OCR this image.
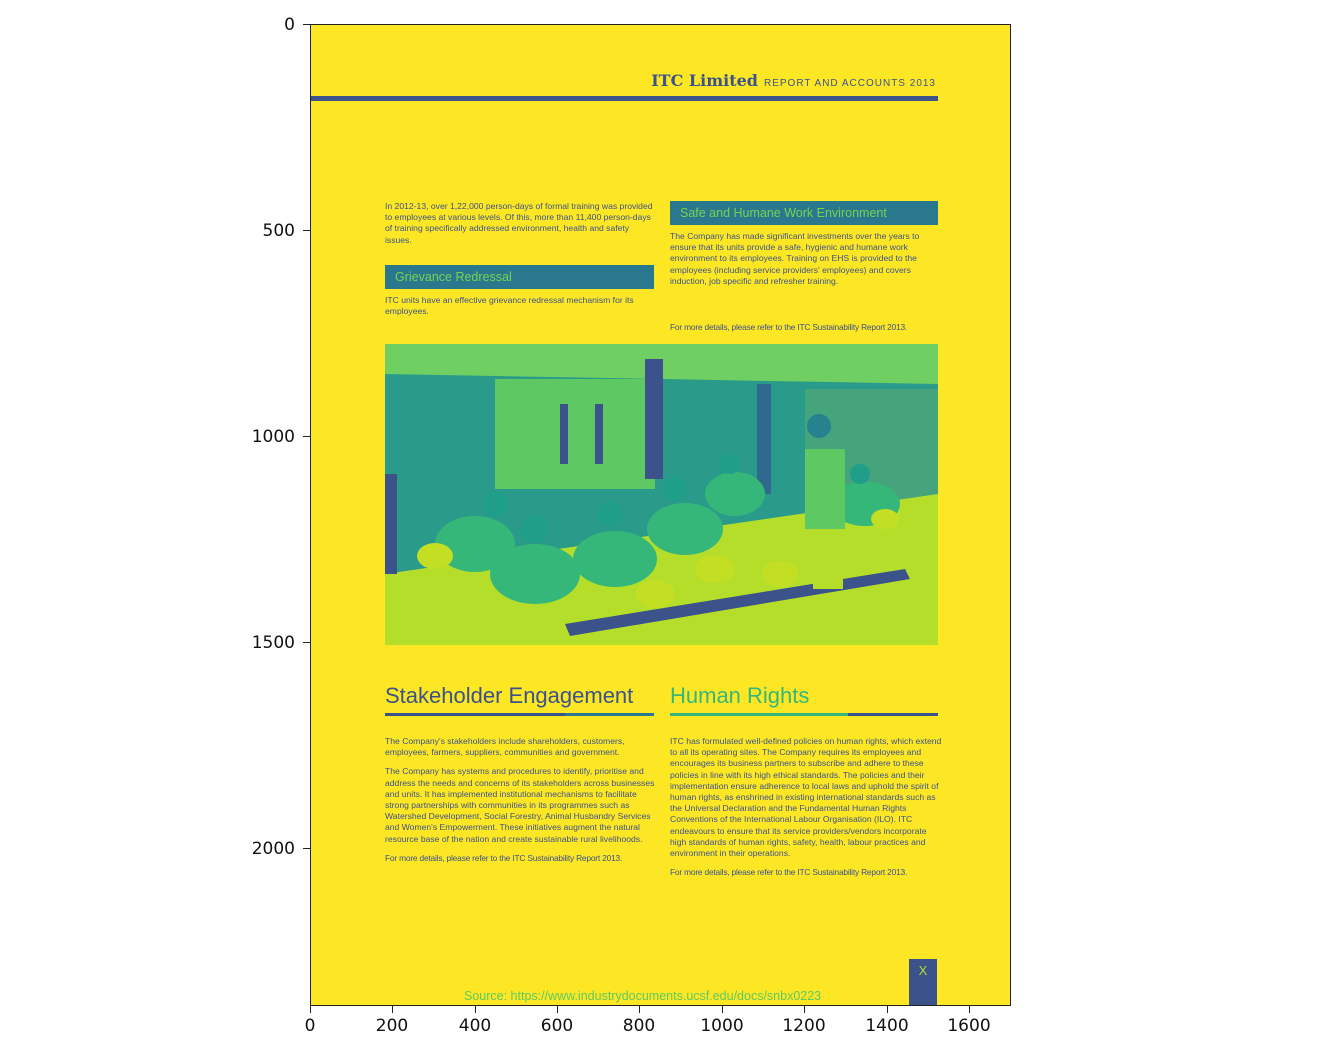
0
500
1000
1500
2000
0	200	400	600	800	1000 1200 1400 1600
ITC Limited REPORT AND ACCOUNTS 2013
In 2012-13, over 1,22,000 person-days of formal training was provided to employees at various levels. Of this, more than 11,400 person-days of training specifically addressed environment, health and safety issues.
Grievance Redressal
ITC units have an effective grievance redressal mechanism for its employees.
Safe and Humane Work Environment
The Company has made significant investments over the years to ensure that its units provide a safe, hygienic and humane work environment to its employees. Training on EHS is provided to the employees (including service providers' employees) and covers induction, job specific and refresher training.
For more details, please refer to the ITC Sustainability Report 2013.
Stakeholder Engagement

The Company's stakeholders include shareholders, customers, employees, farmers, suppliers, communities and government.

The Company has systems and procedures to identify, prioritise and address the needs and concerns of its stakeholders across businesses and units. It has implemented institutional mechanisms to facilitate strong partnerships with communities in its programmes such as Watershed Development, Social Forestry, Animal Husbandry Services and Women's Empowerment. These initiatives augment the natural resource base of the nation and create sustainable rural livelihoods.

For more details, please refer to the ITC Sustainability Report 2013.

Human Rights

ITC has formulated well-defined policies on human rights, which extend to all its operating sites. The Company requires its employees and encourages its business partners to subscribe and adhere to these policies in line with its high ethical standards. The policies and their implementation ensure adherence to local laws and uphold the spirit of human rights, as enshrined in existing international standards such as the Universal Declaration and the Fundamental Human Rights Conventions of the International Labour Organisation (ILO). ITC endeavours to ensure that its service providers/vendors incorporate high standards of human rights, safety, health, labour practices and environment in their operations.

For more details, please refer to the ITC Sustainability Report 2013.

X
Source: https://www.industrydocuments.ucsf.edu/docs/snbx0223
